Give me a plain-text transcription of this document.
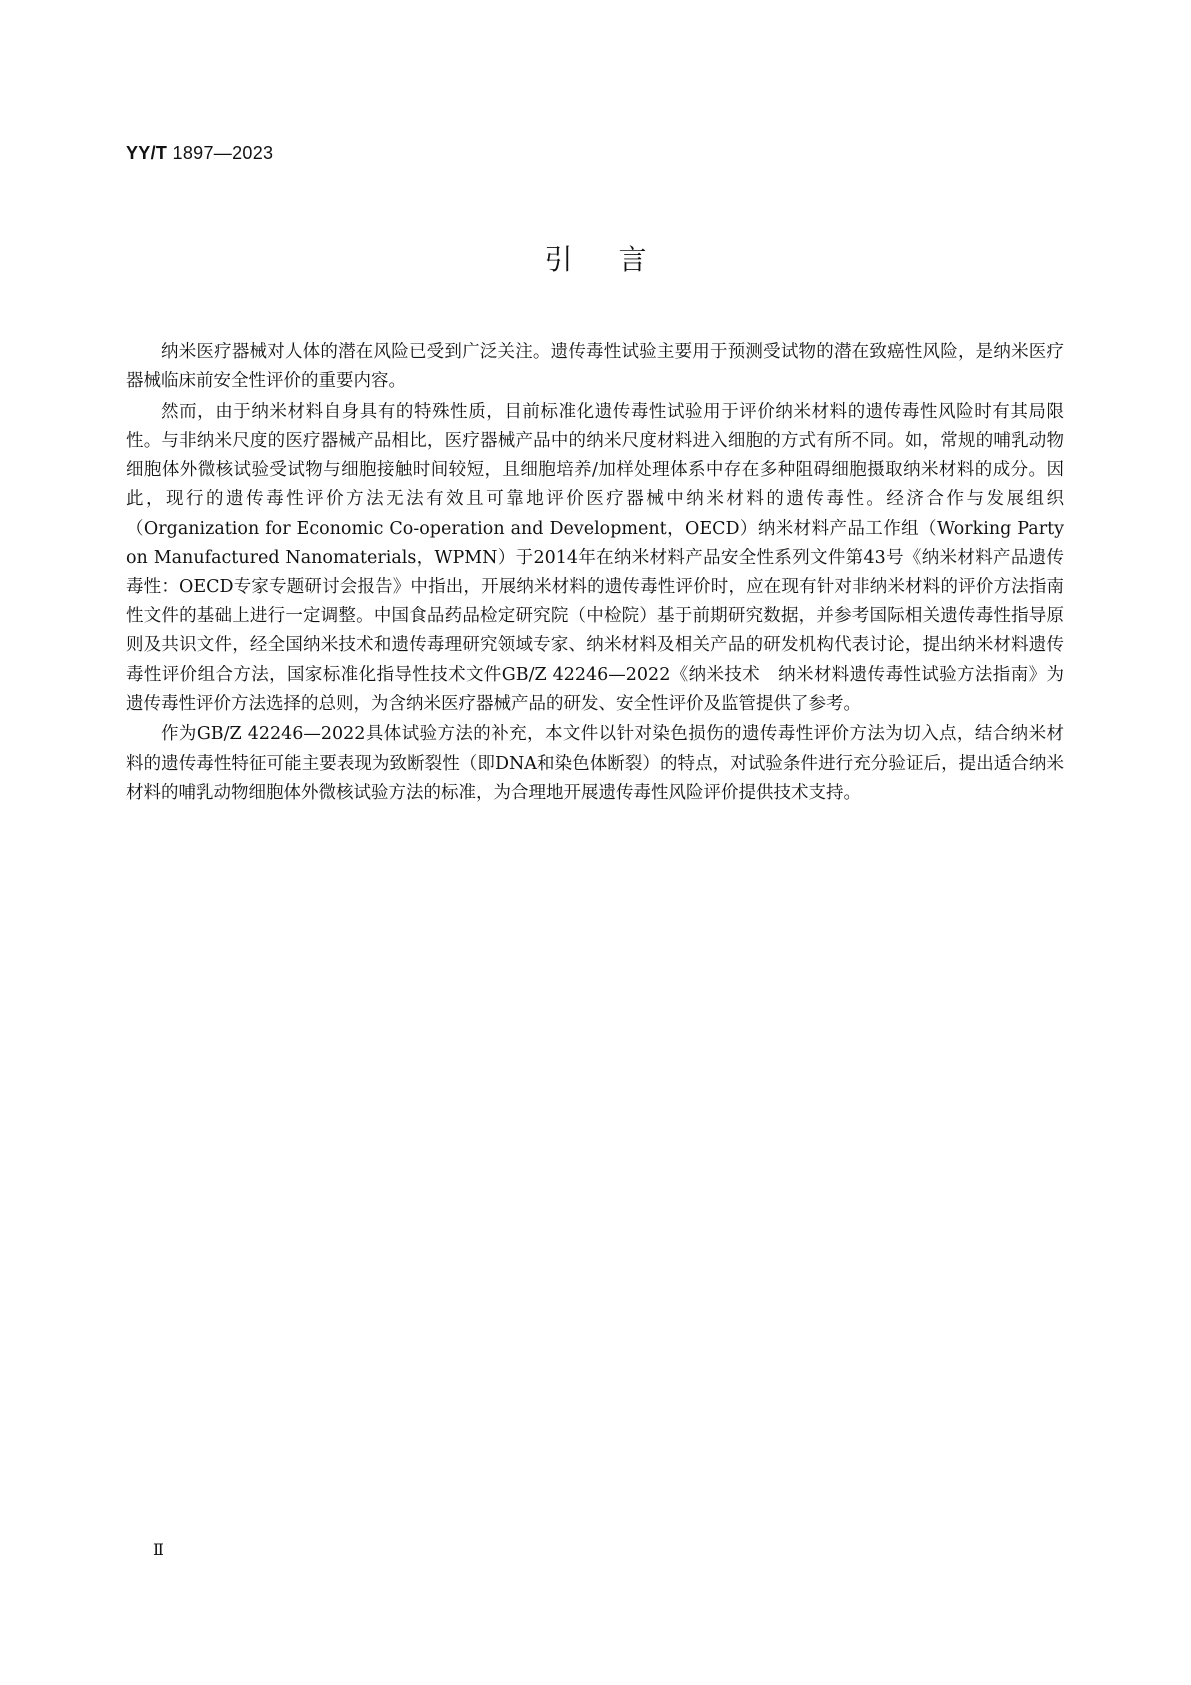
YY/T 1897—2023
引言

纳米医疗器械对人体的潜在风险已受到广泛关注。遗传毒性试验主要用于预测受试物的潜在致癌性风险，是纳米医疗器械临床前安全性评价的重要内容。

然而，由于纳米材料自身具有的特殊性质，目前标准化遗传毒性试验用于评价纳米材料的遗传毒性风险时有其局限性。与非纳米尺度的医疗器械产品相比，医疗器械产品中的纳米尺度材料进入细胞的方式有所不同。如，常规的哺乳动物细胞体外微核试验受试物与细胞接触时间较短，且细胞培养/加样处理体系中存在多种阻碍细胞摄取纳米材料的成分。因此，现行的遗传毒性评价方法无法有效且可靠地评价医疗器械中纳米材料的遗传毒性。经济合作与发展组织（Organization for Economic Co-operation and Development，OECD）纳米材料产品工作组（Working Party on Manufactured Nanomaterials，WPMN）于2014年在纳米材料产品安全性系列文件第43号《纳米材料产品遗传毒性：OECD专家专题研讨会报告》中指出，开展纳米材料的遗传毒性评价时，应在现有针对非纳米材料的评价方法指南性文件的基础上进行一定调整。中国食品药品检定研究院（中检院）基于前期研究数据，并参考国际相关遗传毒性指导原则及共识文件，经全国纳米技术和遗传毒理研究领域专家、纳米材料及相关产品的研发机构代表讨论，提出纳米材料遗传毒性评价组合方法，国家标准化指导性技术文件GB/Z 42246—2022《纳米技术　纳米材料遗传毒性试验方法指南》为遗传毒性评价方法选择的总则，为含纳米医疗器械产品的研发、安全性评价及监管提供了参考。

作为GB/Z 42246—2022具体试验方法的补充，本文件以针对染色损伤的遗传毒性评价方法为切入点，结合纳米材料的遗传毒性特征可能主要表现为致断裂性（即DNA和染色体断裂）的特点，对试验条件进行充分验证后，提出适合纳米材料的哺乳动物细胞体外微核试验方法的标准，为合理地开展遗传毒性风险评价提供技术支持。

Ⅱ
